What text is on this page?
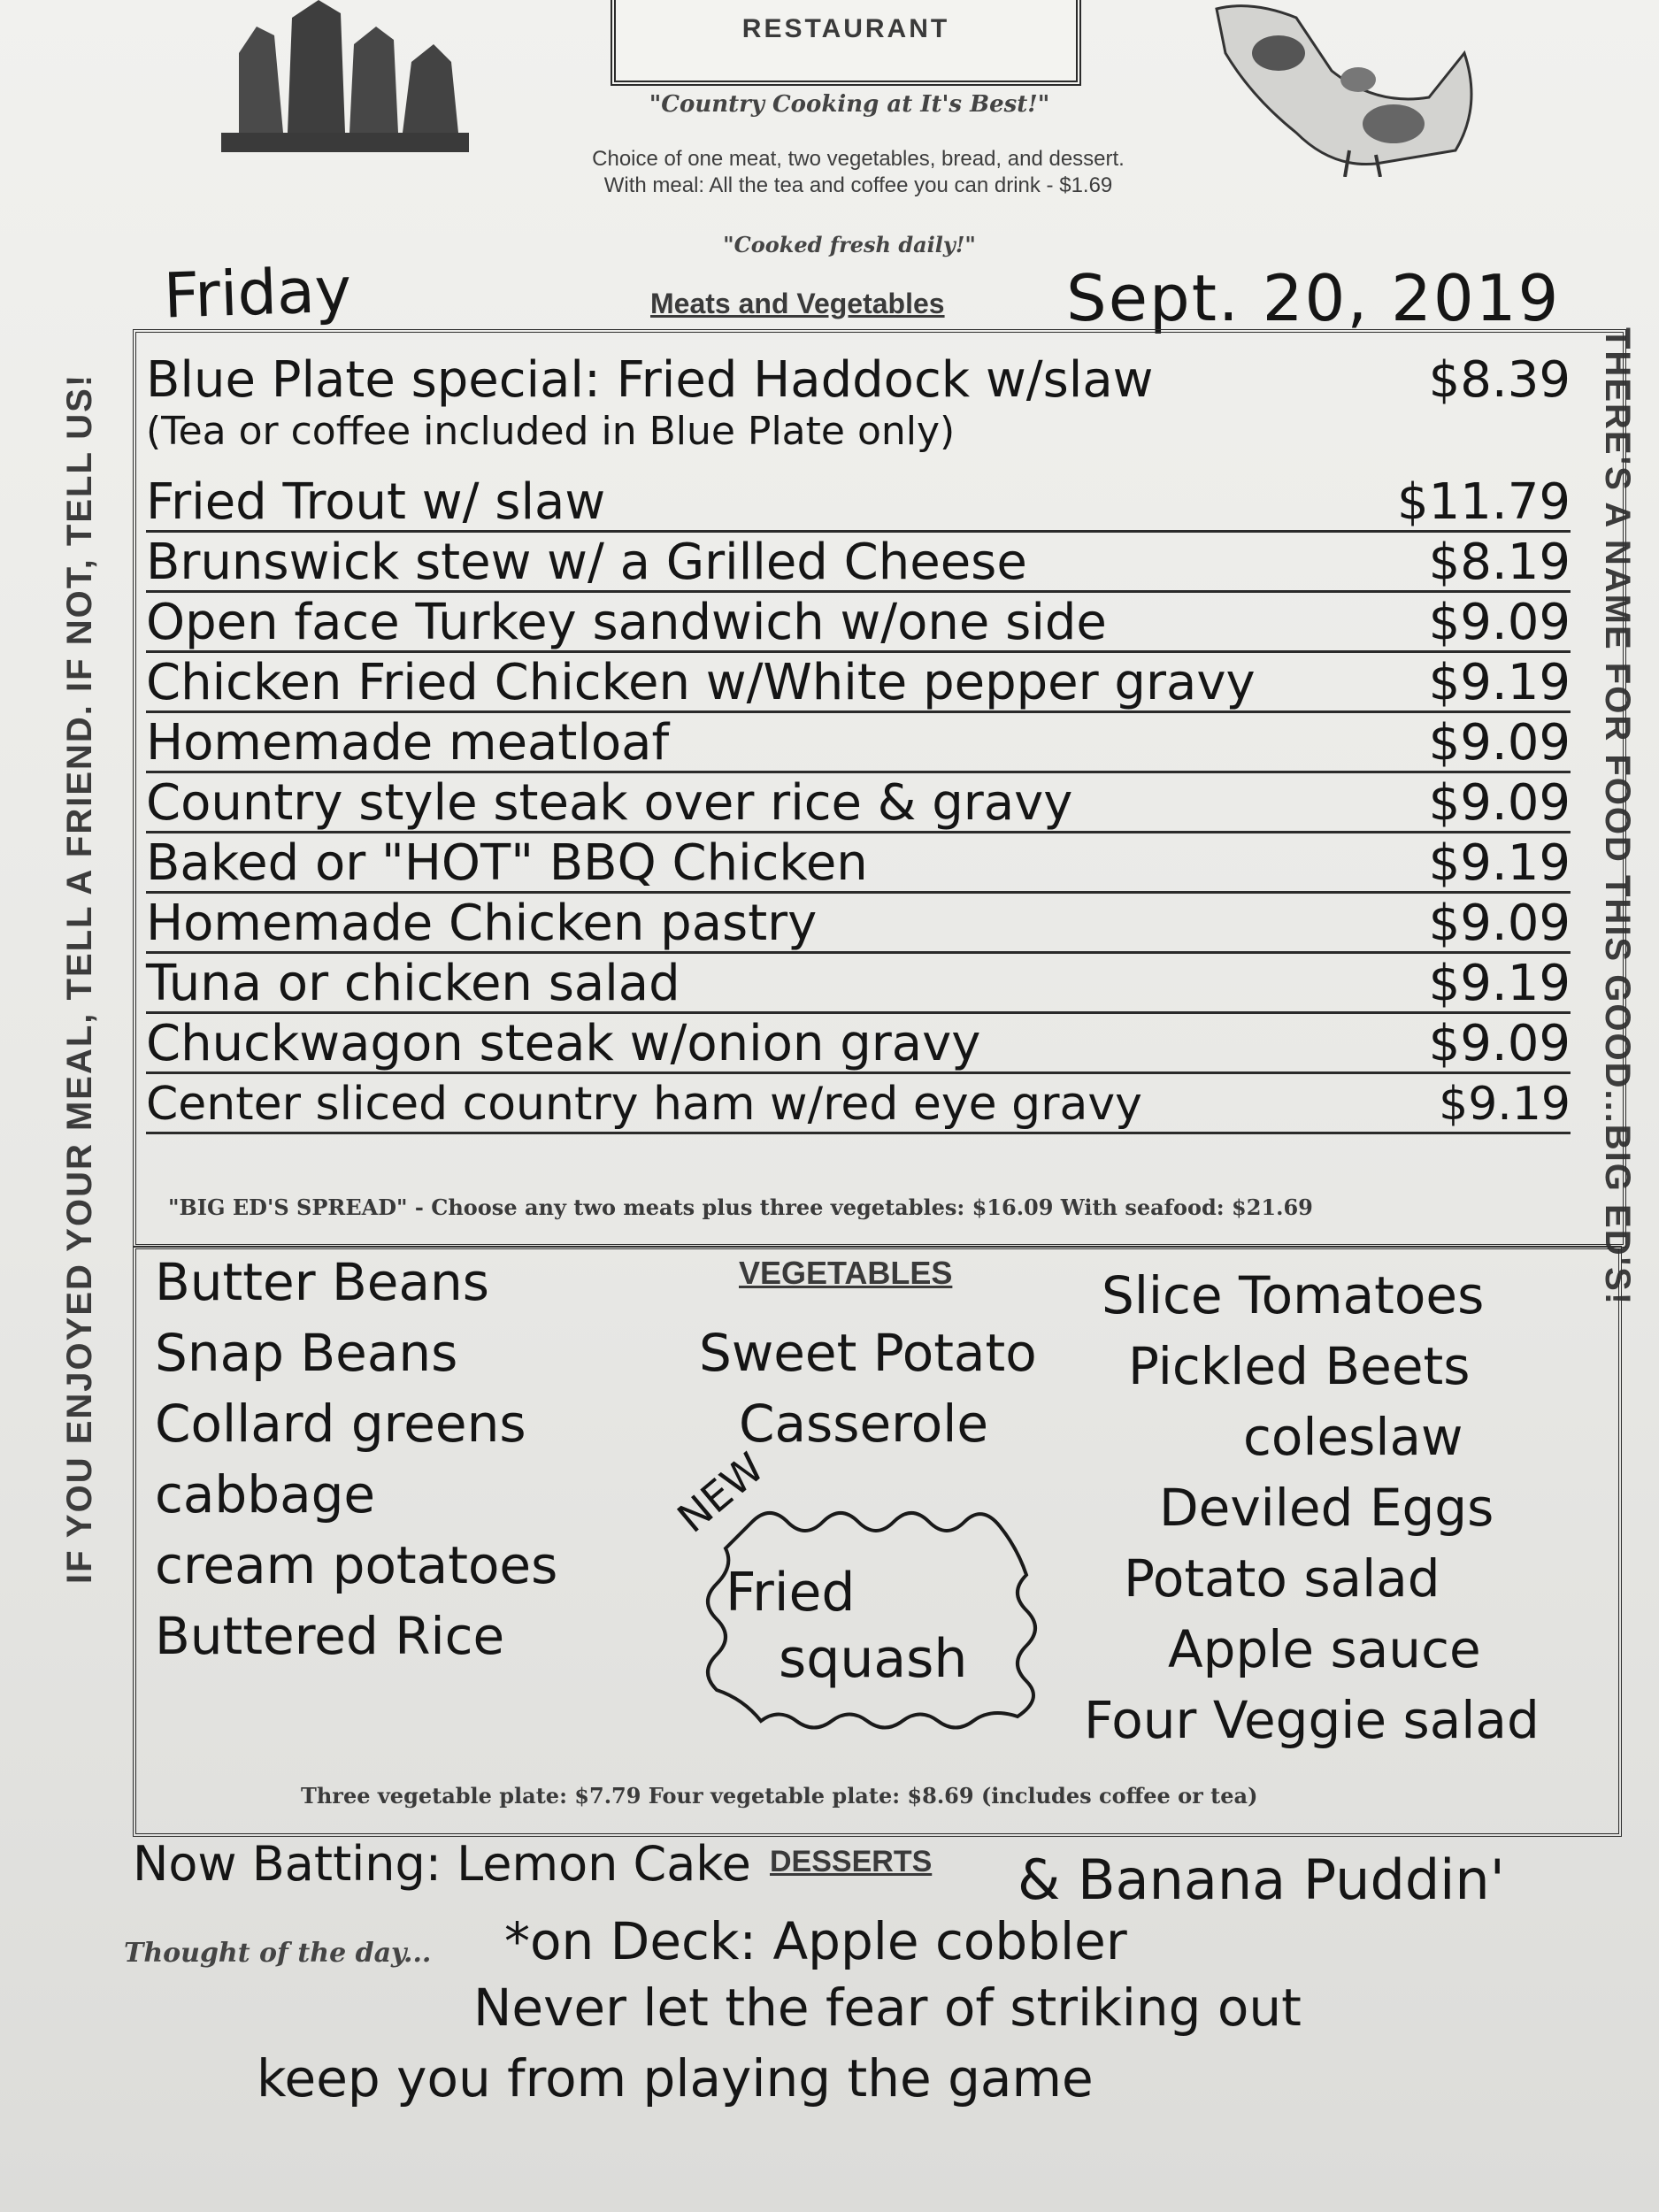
RESTAURANT
"Country Cooking at It's Best!"
Choice of one meat, two vegetables, bread, and dessert.
With meal: All the tea and coffee you can drink - $1.69
"Cooked fresh daily!"
IF YOU ENJOYED YOUR MEAL, TELL A FRIEND. IF NOT, TELL US!	THERE'S A NAME FOR FOOD THIS GOOD...BIG ED'S!
Friday	Meats and Vegetables Sept. 20, 2019
Blue Plate special: Fried Haddock w/slaw	$8.39
(Tea or coffee included in Blue Plate only)
Fried Trout w/ slaw	$11.79
Brunswick stew w/ a Grilled Cheese	$8.19
Open face Turkey sandwich w/one side	$9.09
Chicken Fried Chicken w/White pepper gravy	$9.19
Homemade meatloaf	$9.09
Country style steak over rice & gravy	$9.09
Baked or "HOT" BBQ Chicken	$9.19
Homemade Chicken pastry	$9.09
Tuna or chicken salad	$9.19
Chuckwagon steak w/onion gravy	$9.09
Center sliced country ham w/red eye gravy	$9.19
"BIG ED'S SPREAD" - Choose any two meats plus three vegetables: $16.09 With seafood: $21.69
VEGETABLES
Butter Beans
Snap Beans
Collard greens
cabbage
cream potatoes
Buttered Rice
Sweet Potato
Casserole
Slice Tomatoes
Pickled Beets
coleslaw
Deviled Eggs
Potato salad
Apple sauce
Four Veggie salad
NEW
Fried
squash
Three vegetable plate: $7.79 Four vegetable plate: $8.69 (includes coffee or tea)
Now Batting: Lemon Cake DESSERTS & Banana Puddin'
Thought of the day... *on Deck: Apple cobbler
Never let the fear of striking out
keep you from playing the game
